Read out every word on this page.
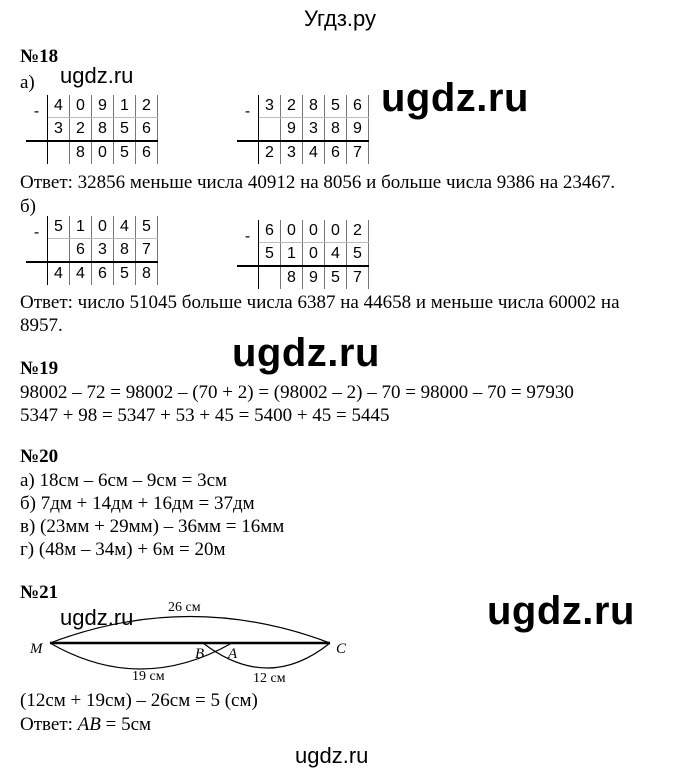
Угдз.ру
№18
а)
-	4	0	9	1	2
	3	2	8	5	6
		8	0	5	6
-	3	2	8	5	6
		9	3	8	9
	2	3	4	6	7
Ответ: 32856 меньше числа 40912 на 8056 и больше числа 9386 на 23467.
б)
-	5	1	0	4	5
		6	3	8	7
	4	4	6	5	8
-	6	0	0	0	2
	5	1	0	4	5
		8	9	5	7
Ответ: число 51045 больше числа 6387 на 44658 и меньше числа 60002 на
8957.
№19
98002 – 72 = 98002 – (70 + 2) = (98002 – 2) – 70 = 98000 – 70 = 97930
5347 + 98 = 5347 + 53 + 45 = 5400 + 45 = 5445
№20
а) 18см – 6см – 9см = 3см
б) 7дм + 14дм + 16дм = 37дм
в) (23мм + 29мм) – 36мм = 16мм
г) (48м – 34м) + 6м = 20м
№21
M	B A	C
26 см
19 см	12 см
(12см + 19см) – 26см = 5 (см)
Ответ: AB = 5см
ugdz.ru
ugdz.ru
ugdz.ru
ugdz.ru
ugdz.ru
ugdz.ru
